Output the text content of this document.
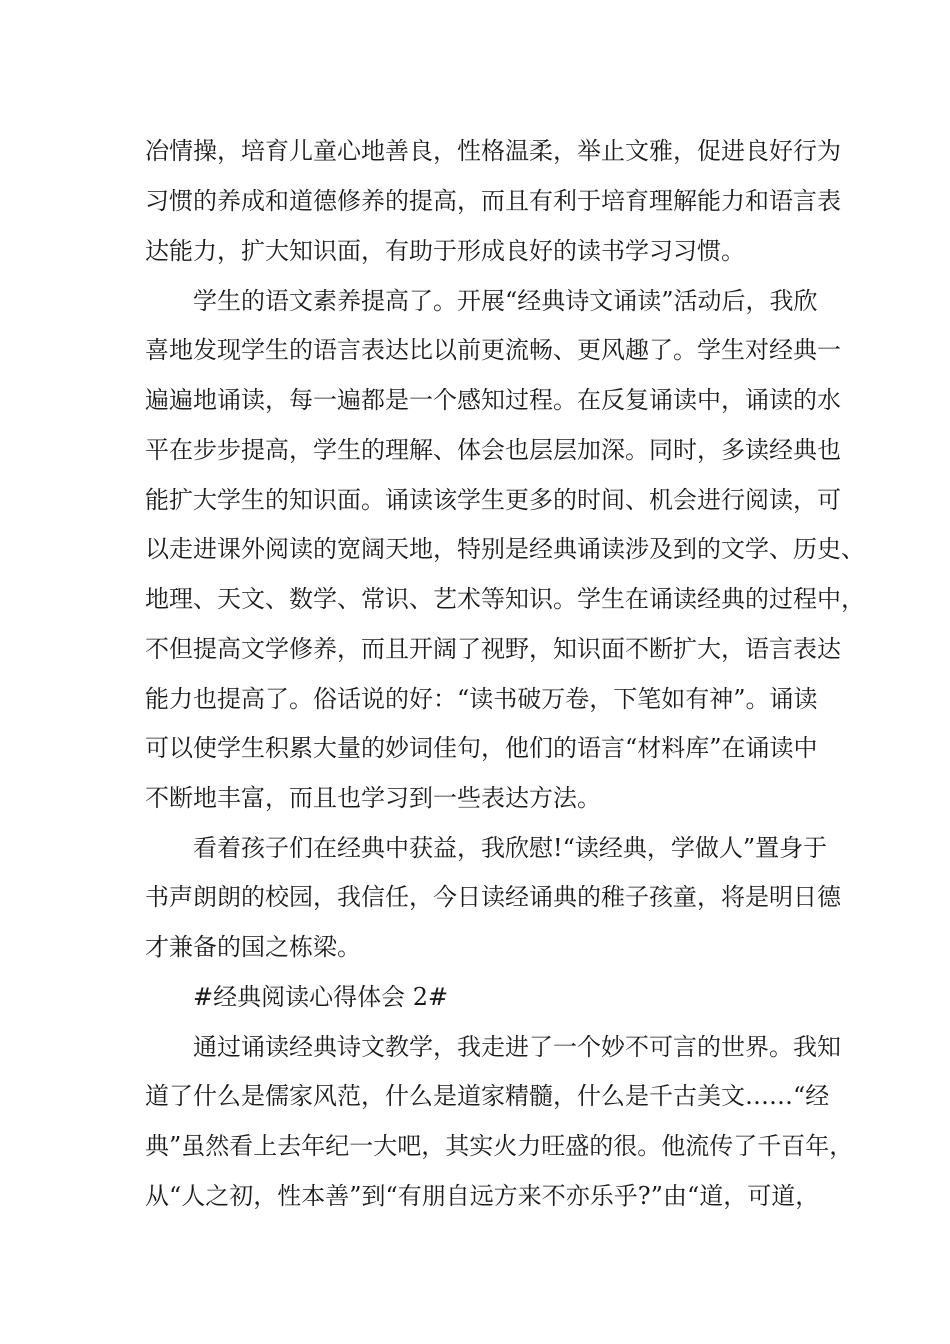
冶情操，培育儿童心地善良，性格温柔，举止文雅，促进良好行为
习惯的养成和道德修养的提高，而且有利于培育理解能力和语言表
达能力，扩大知识面，有助于形成良好的读书学习习惯。
学生的语文素养提高了。开展“经典诗文诵读”活动后，我欣
喜地发现学生的语言表达比以前更流畅、更风趣了。学生对经典一
遍遍地诵读，每一遍都是一个感知过程。在反复诵读中，诵读的水
平在步步提高，学生的理解、体会也层层加深。同时，多读经典也
能扩大学生的知识面。诵读该学生更多的时间、机会进行阅读，可
以走进课外阅读的宽阔天地，特别是经典诵读涉及到的文学、历史、
地理、天文、数学、常识、艺术等知识。学生在诵读经典的过程中，
不但提高文学修养，而且开阔了视野，知识面不断扩大，语言表达
能力也提高了。俗话说的好：“读书破万卷，下笔如有神”。诵读
可以使学生积累大量的妙词佳句，他们的语言“材料库”在诵读中
不断地丰富，而且也学习到一些表达方法。
看着孩子们在经典中获益，我欣慰!“读经典，学做人”置身于
书声朗朗的校园，我信任，今日读经诵典的稚子孩童，将是明日德
才兼备的国之栋梁。
#经典阅读心得体会 2#
通过诵读经典诗文教学，我走进了一个妙不可言的世界。我知
道了什么是儒家风范，什么是道家精髓，什么是千古美文……“经
典”虽然看上去年纪一大吧，其实火力旺盛的很。他流传了千百年，
从“人之初，性本善”到“有朋自远方来不亦乐乎?”由“道，可道，
